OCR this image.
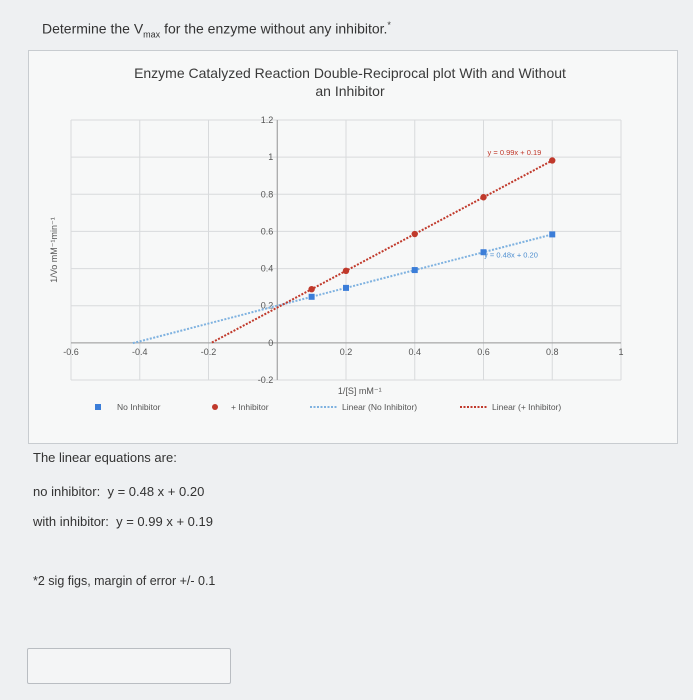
Determine the $V_{max}$ for the enzyme without any inhibitor.*
Enzyme Catalyzed Reaction Double-Reciprocal plot With and Without
an Inhibitor
-0.6	-0.4	-0.2	0.2	0.4	0.6	0.8	1
-0.2
0
0.2
0.4
0.6
0.8
1
1.2
1/[S] mM⁻¹
1/Vo mM⁻¹min⁻¹
y = 0.99x + 0.19
y = 0.48x + 0.20
No Inhibitor	+ Inhibitor	Linear (No Inhibitor)	Linear (+ Inhibitor)
The linear equations are:
no inhibitor: y = 0.48 x + 0.20
with inhibitor: y = 0.99 x + 0.19
*2 sig figs, margin of error +/- 0.1
